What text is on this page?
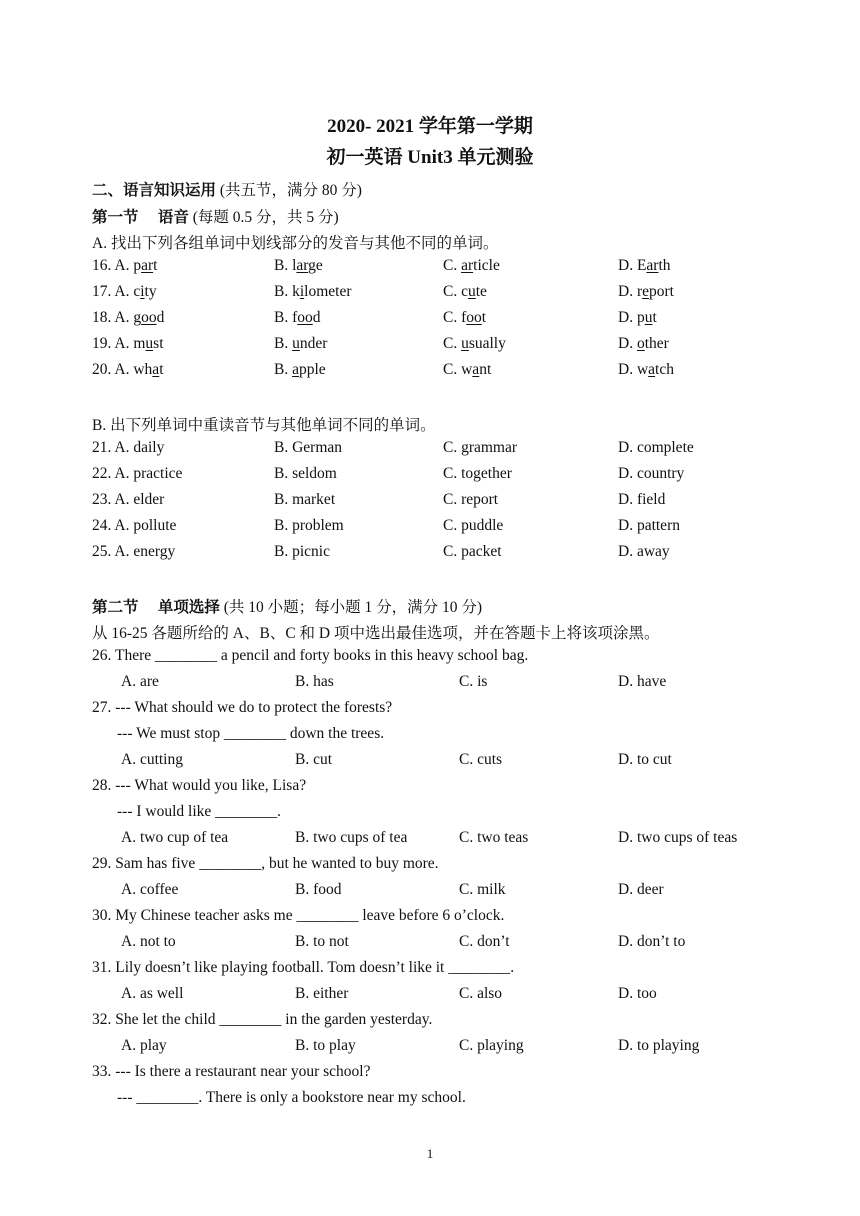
2020- 2021 学年第一学期
初一英语 Unit3 单元测验
二、语言知识运用 (共五节，满分 80 分)
第一节　 语音 (每题 0.5 分，共 5 分)
A. 找出下列各组单词中划线部分的发音与其他不同的单词。
16. A. part	B. large	C. article	D. Earth
17. A. city	B. kilometer	C. cute	D. report
18. A. good	B. food	C. foot	D. put
19. A. must	B. under	C. usually	D. other
20. A. what	B. apple	C. want	D. watch
B. 出下列单词中重读音节与其他单词不同的单词。
21. A. daily	B. German	C. grammar	D. complete
22. A. practice	B. seldom	C. together	D. country
23. A. elder	B. market	C. report	D. field
24. A. pollute	B. problem	C. puddle	D. pattern
25. A. energy	B. picnic	C. packet	D. away
第二节　 单项选择 (共 10 小题；每小题 1 分，满分 10 分)
从 16-25 各题所给的 A、B、C 和 D 项中选出最佳选项，并在答题卡上将该项涂黑。
26. There ________ a pencil and forty books in this heavy school bag.
A. are	B. has	C. is	D. have
27. --- What should we do to protect the forests?
--- We must stop ________ down the trees.
A. cutting	B. cut	C. cuts	D. to cut
28. --- What would you like, Lisa?
--- I would like ________.
A. two cup of tea	B. two cups of tea	C. two teas	D. two cups of teas
29. Sam has five ________, but he wanted to buy more.
A. coffee	B. food	C. milk	D. deer
30. My Chinese teacher asks me ________ leave before 6 o’clock.
A. not to	B. to not	C. don’t	D. don’t to
31. Lily doesn’t like playing football. Tom doesn’t like it ________.
A. as well	B. either	C. also	D. too
32. She let the child ________ in the garden yesterday.
A. play	B. to play	C. playing	D. to playing
33. --- Is there a restaurant near your school?
--- ________. There is only a bookstore near my school.
1
